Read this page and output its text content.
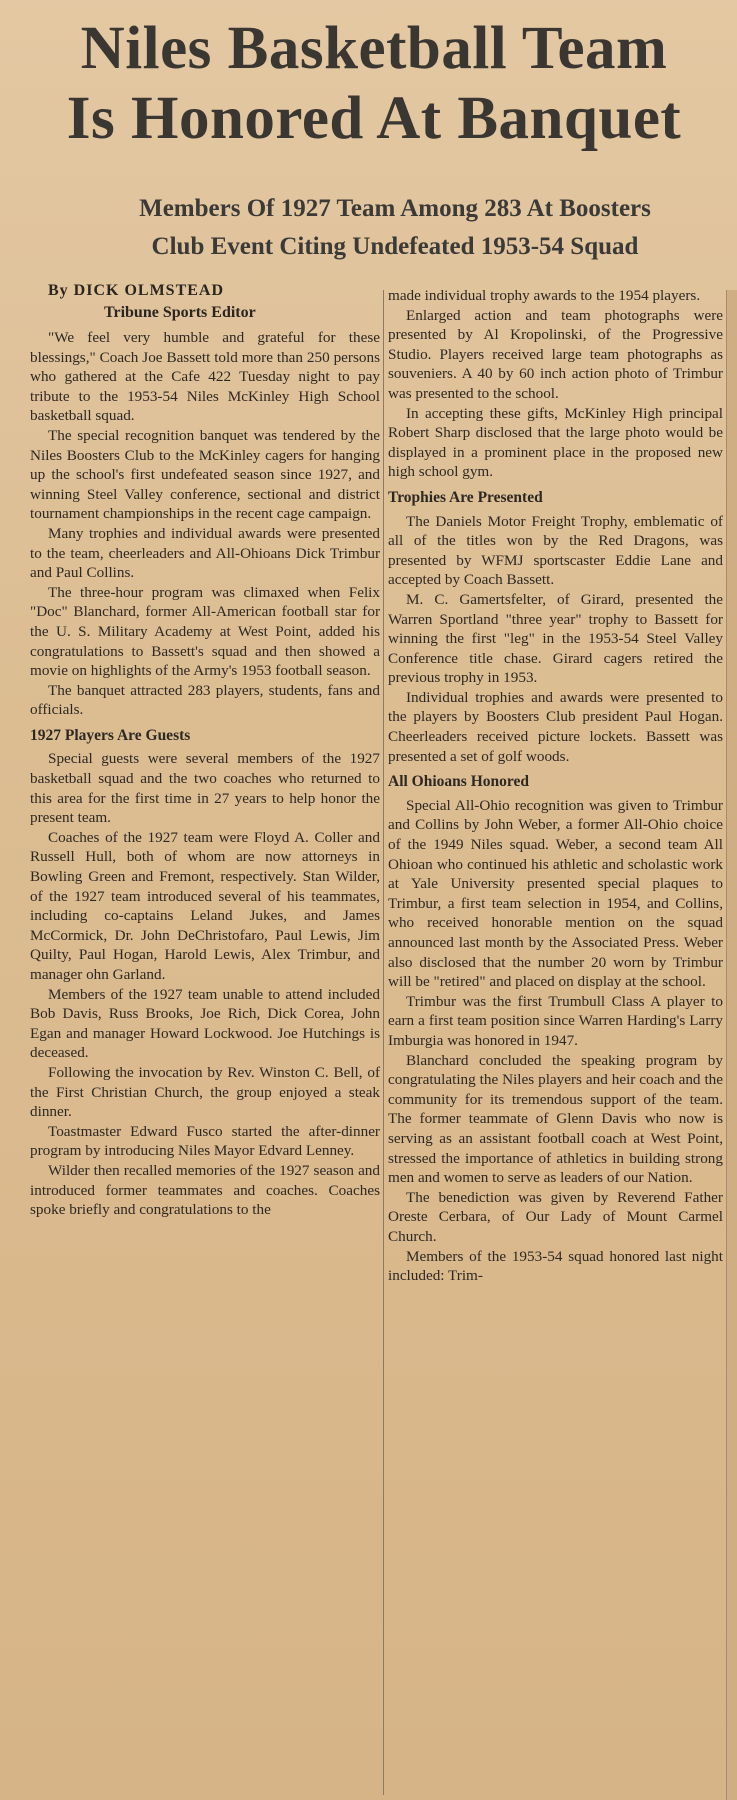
Niles Basketball Team
Is Honored At Banquet
Members Of 1927 Team Among 283 At Boosters
Club Event Citing Undefeated 1953-54 Squad
By DICK OLMSTEAD
Tribune Sports Editor

"We feel very humble and grateful for these blessings," Coach Joe Bassett told more than 250 persons who gathered at the Cafe 422 Tuesday night to pay tribute to the 1953-54 Niles McKinley High School basketball squad.

The special recognition banquet was tendered by the Niles Boosters Club to the McKinley cagers for hanging up the school's first undefeated season since 1927, and winning Steel Valley conference, sectional and district tournament championships in the recent cage campaign.

Many trophies and individual awards were presented to the team, cheerleaders and All-Ohioans Dick Trimbur and Paul Collins.

The three-hour program was climaxed when Felix "Doc" Blanchard, former All-American football star for the U. S. Military Academy at West Point, added his congratulations to Bassett's squad and then showed a movie on highlights of the Army's 1953 football season.

The banquet attracted 283 players, students, fans and officials.

1927 Players Are Guests

Special guests were several members of the 1927 basketball squad and the two coaches who returned to this area for the first time in 27 years to help honor the present team.

Coaches of the 1927 team were Floyd A. Coller and Russell Hull, both of whom are now attorneys in Bowling Green and Fremont, respectively. Stan Wilder, of the 1927 team introduced several of his teammates, including co-captains Leland Jukes, and James McCormick, Dr. John DeChristofaro, Paul Lewis, Jim Quilty, Paul Hogan, Harold Lewis, Alex Trimbur, and manager ohn Garland.

Members of the 1927 team unable to attend included Bob Davis, Russ Brooks, Joe Rich, Dick Corea, John Egan and manager Howard Lockwood. Joe Hutchings is deceased.

Following the invocation by Rev. Winston C. Bell, of the First Christian Church, the group enjoyed a steak dinner.

Toastmaster Edward Fusco started the after-dinner program by introducing Niles Mayor Edvard Lenney.

Wilder then recalled memories of the 1927 season and introduced former teammates and coaches. Coaches spoke briefly and congratulations to the

made individual trophy awards to the 1954 players.

Enlarged action and team photographs were presented by Al Kropolinski, of the Progressive Studio. Players received large team photographs as souveniers. A 40 by 60 inch action photo of Trimbur was presented to the school.

In accepting these gifts, McKinley High principal Robert Sharp disclosed that the large photo would be displayed in a prominent place in the proposed new high school gym.

Trophies Are Presented

The Daniels Motor Freight Trophy, emblematic of all of the titles won by the Red Dragons, was presented by WFMJ sportscaster Eddie Lane and accepted by Coach Bassett.

M. C. Gamertsfelter, of Girard, presented the Warren Sportland "three year" trophy to Bassett for winning the first "leg" in the 1953-54 Steel Valley Conference title chase. Girard cagers retired the previous trophy in 1953.

Individual trophies and awards were presented to the players by Boosters Club president Paul Hogan. Cheerleaders received picture lockets. Bassett was presented a set of golf woods.

All Ohioans Honored

Special All-Ohio recognition was given to Trimbur and Collins by John Weber, a former All-Ohio choice of the 1949 Niles squad. Weber, a second team All Ohioan who continued his athletic and scholastic work at Yale University presented special plaques to Trimbur, a first team selection in 1954, and Collins, who received honorable mention on the squad announced last month by the Associated Press. Weber also disclosed that the number 20 worn by Trimbur will be "retired" and placed on display at the school.

Trimbur was the first Trumbull Class A player to earn a first team position since Warren Harding's Larry Imburgia was honored in 1947.

Blanchard concluded the speaking program by congratulating the Niles players and heir coach and the community for its tremendous support of the team. The former teammate of Glenn Davis who now is serving as an assistant football coach at West Point, stressed the importance of athletics in building strong men and women to serve as leaders of our Nation.

The benediction was given by Reverend Father Oreste Cerbara, of Our Lady of Mount Carmel Church.

Members of the 1953-54 squad honored last night included: Trim-
